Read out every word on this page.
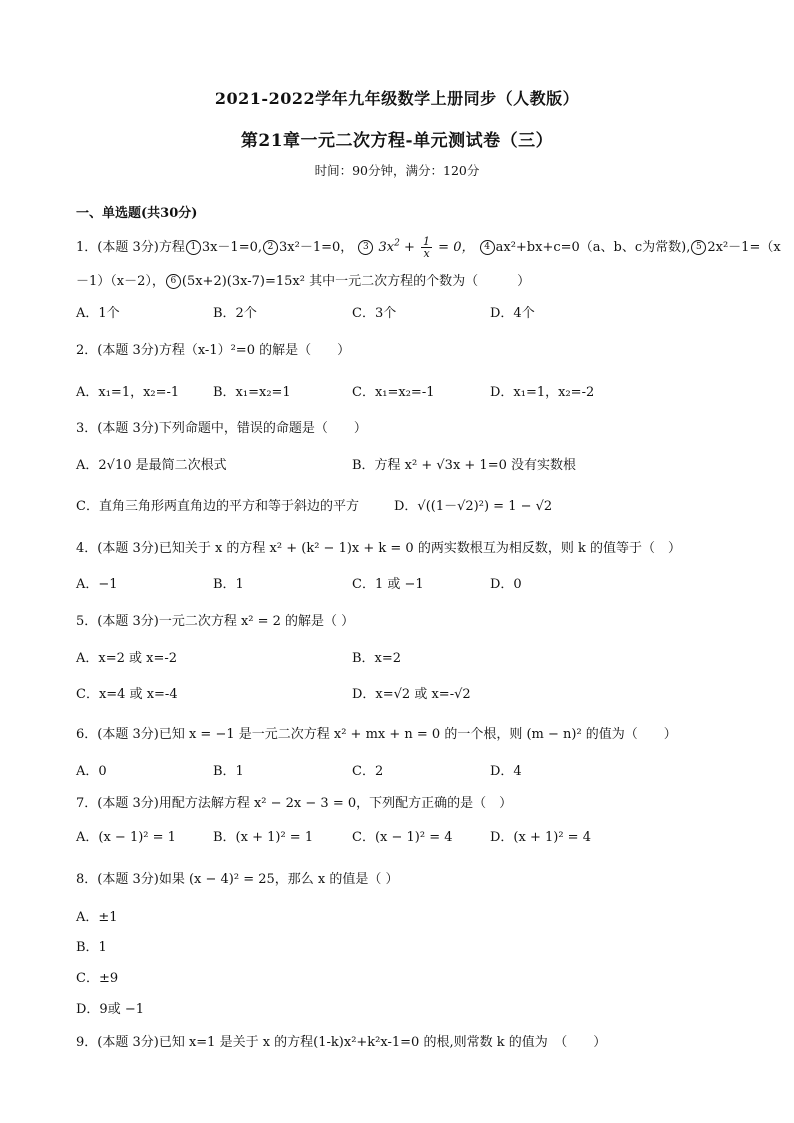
2021-2022学年九年级数学上册同步（人教版）
第21章一元二次方程-单元测试卷（三）
时间：90分钟，满分：120分
一、单选题(共30分)
1．(本题 3分)方程 1 3x－1=0, 2 3x²－1=0， 3 $3x^2 + \frac{1}{x} = 0$， 4 ax²+bx+c=0（a、b、c为常数), 5 2x²－1=（x
－1）（x－2）， 6 (5x+2)(3x-7)=15x² 其中一元二次方程的个数为（　　　）
A．1个	B．2个	C．3个	D．4个
2．(本题 3分)方程（x-1）²=0 的解是（　　）
A．x₁=1，x₂=-1	B．x₁=x₂=1	C．x₁=x₂=-1	D．x₁=1，x₂=-2
3．(本题 3分)下列命题中，错误的命题是（　　）
A．2√10 是最简二次根式	B．方程 x² + √3x + 1=0 没有实数根
C．直角三角形两直角边的平方和等于斜边的平方	D．√((1－√2)²) = 1 − √2
4．(本题 3分)已知关于 x 的方程 x² + (k² − 1)x + k = 0 的两实数根互为相反数，则 k 的值等于（　）
A．−1	B．1	C．1 或 −1	D．0
5．(本题 3分)一元二次方程 x² = 2 的解是（ ）
A．x=2 或 x=-2	B．x=2
C．x=4 或 x=-4	D．x=√2 或 x=-√2
6．(本题 3分)已知 x = −1 是一元二次方程 x² + mx + n = 0 的一个根，则 (m − n)² 的值为（　　）
A．0	B．1	C．2	D．4
7．(本题 3分)用配方法解方程 x² − 2x − 3 = 0，下列配方正确的是（　）
A．(x − 1)² = 1	B．(x + 1)² = 1	C．(x − 1)² = 4	D．(x + 1)² = 4
8．(本题 3分)如果 (x − 4)² = 25，那么 x 的值是（ ）
A．±1
B．1
C．±9
D．9或 −1
9．(本题 3分)已知 x=1 是关于 x 的方程(1-k)x²+k²x-1=0 的根,则常数 k 的值为　（　　）
